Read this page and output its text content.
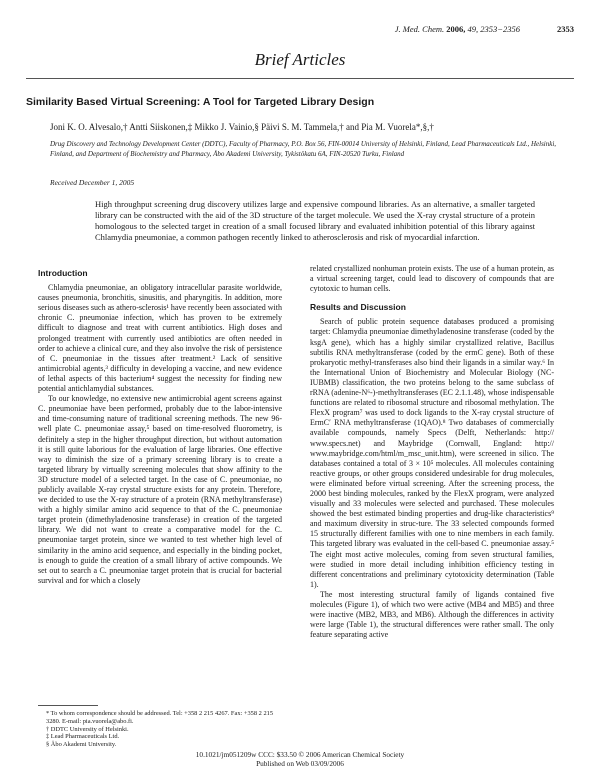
J. Med. Chem. 2006, 49, 2353−2356	2353
Brief Articles
Similarity Based Virtual Screening: A Tool for Targeted Library Design
Joni K. O. Alvesalo,† Antti Siiskonen,‡ Mikko J. Vainio,§ Päivi S. M. Tammela,† and Pia M. Vuorela*,§,†
Drug Discovery and Technology Development Center (DDTC), Faculty of Pharmacy, P.O. Box 56, FIN-00014 University of Helsinki, Finland, Lead Pharmaceuticals Ltd., Helsinki, Finland, and Department of Biochemistry and Pharmacy, Åbo Akademi University, Tykistökatu 6A, FIN-20520 Turku, Finland
Received December 1, 2005
High throughput screening drug discovery utilizes large and expensive compound libraries. As an alternative, a smaller targeted library can be constructed with the aid of the 3D structure of the target molecule. We used the X-ray crystal structure of a protein homologous to the selected target in creation of a small focused library and evaluated inhibition potential of this library against Chlamydia pneumoniae, a common pathogen recently linked to atherosclerosis and risk of myocardial infarction.
Introduction

Chlamydia pneumoniae, an obligatory intracellular parasite worldwide, causes pneumonia, bronchitis, sinusitis, and pharyngitis. In addition, more serious diseases such as athero-sclerosis¹ have recently been associated with chronic C. pneumoniae infection, which has proven to be extremely difficult to diagnose and treat with current antibiotics. High doses and prolonged treatment with currently used antibiotics are often needed in order to achieve a clinical cure, and they also involve the risk of persistence of C. pneumoniae in the tissues after treatment.² Lack of sensitive antimicrobial agents,³ difficulty in developing a vaccine, and new evidence of lethal aspects of this bacterium⁴ suggest the necessity for finding new potential antichlamydial substances.

To our knowledge, no extensive new antimicrobial agent screens against C. pneumoniae have been performed, probably due to the labor-intensive and time-consuming nature of traditional screening methods. The new 96-well plate C. pneumoniae assay,⁵ based on time-resolved fluorometry, is definitely a step in the higher throughput direction, but without automation it is still quite laborious for the evaluation of large libraries. One effective way to diminish the size of a primary screening library is to create a targeted library by virtually screening molecules that show affinity to the 3D structure model of a selected target. In the case of C. pneumoniae, no publicly available X-ray crystal structure exists for any protein. Therefore, we decided to use the X-ray structure of a protein (RNA methyltransferase) with a highly similar amino acid sequence to that of the C. pneumoniae target protein (dimethyladenosine transferase) in creation of the targeted library. We did not want to create a comparative model for the C. pneumoniae target protein, since we wanted to test whether high level of similarity in the amino acid sequence, and especially in the binding pocket, is enough to guide the creation of a small library of active compounds. We set out to search a C. pneumoniae target protein that is crucial for bacterial survival and for which a closely

related crystallized nonhuman protein exists. The use of a human protein, as a virtual screening target, could lead to discovery of compounds that are cytotoxic to human cells.

Results and Discussion

Search of public protein sequence databases produced a promising target: Chlamydia pneumoniae dimethyladenosine transferase (coded by the ksgA gene), which has a highly similar crystallized relative, Bacillus subtilis RNA methyltransferase (coded by the ermC gene). Both of these prokaryotic methyl-transferases also bind their ligands in a similar way.⁶ In the International Union of Biochemistry and Molecular Biology (NC-IUBMB) classification, the two proteins belong to the same subclass of rRNA (adenine-N⁶-)-methyltransferases (EC 2.1.1.48), whose indispensable functions are related to ribosomal structure and ribosomal methylation. The FlexX program⁷ was used to dock ligands to the X-ray crystal structure of ErmC′ RNA methyltransferase (1QAO).⁸ Two databases of commercially available compounds, namely Specs (Delft, Netherlands: http:// www.specs.net) and Maybridge (Cornwall, England: http:// www.maybridge.com/html/m_msc_unit.htm), were screened in silico. The databases contained a total of 3 × 10⁵ molecules. All molecules containing reactive groups, or other groups considered undesirable for drug molecules, were eliminated before virtual screening. After the screening process, the 2000 best binding molecules, ranked by the FlexX program, were analyzed visually and 33 molecules were selected and purchased. These molecules showed the best estimated binding properties and drug-like characteristics⁹ and maximum diversity in struc-ture. The 33 selected compounds formed 15 structurally different families with one to nine members in each family. This targeted library was evaluated in the cell-based C. pneumoniae assay.⁵ The eight most active molecules, coming from seven structural families, were studied in more detail including inhibition efficiency testing in different concentrations and preliminary cytotoxicity determination (Table 1).

The most interesting structural family of ligands contained five molecules (Figure 1), of which two were active (MB4 and MB5) and three were inactive (MB2, MB3, and MB6). Although the differences in activity were large (Table 1), the structural differences were rather small. The only feature separating active

* To whom correspondence should be addressed. Tel: +358 2 215 4267. Fax: +358 2 215 3280. E-mail: pia.vuorela@abo.fi.
† DDTC University of Helsinki.
‡ Lead Pharmaceuticals Ltd.
§ Åbo Akademi University.
10.1021/jm051209w CCC: $33.50 © 2006 American Chemical Society
Published on Web 03/09/2006
